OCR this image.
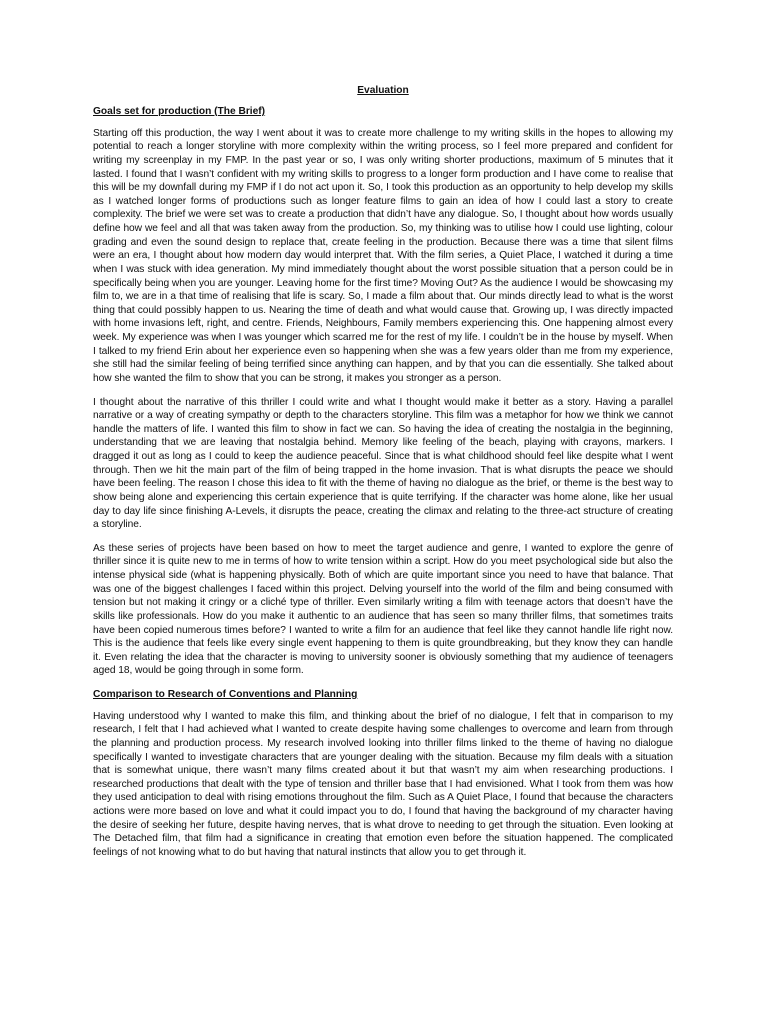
Evaluation
Goals set for production (The Brief)

Starting off this production, the way I went about it was to create more challenge to my writing skills in the hopes to allowing my potential to reach a longer storyline with more complexity within the writing process, so I feel more prepared and confident for writing my screenplay in my FMP. In the past year or so, I was only writing shorter productions, maximum of 5 minutes that it lasted. I found that I wasn’t confident with my writing skills to progress to a longer form production and I have come to realise that this will be my downfall during my FMP if I do not act upon it. So, I took this production as an opportunity to help develop my skills as I watched longer forms of productions such as longer feature films to gain an idea of how I could last a story to create complexity. The brief we were set was to create a production that didn’t have any dialogue. So, I thought about how words usually define how we feel and all that was taken away from the production. So, my thinking was to utilise how I could use lighting, colour grading and even the sound design to replace that, create feeling in the production. Because there was a time that silent films were an era, I thought about how modern day would interpret that. With the film series, a Quiet Place, I watched it during a time when I was stuck with idea generation. My mind immediately thought about the worst possible situation that a person could be in specifically being when you are younger. Leaving home for the first time? Moving Out? As the audience I would be showcasing my film to, we are in a that time of realising that life is scary. So, I made a film about that. Our minds directly lead to what is the worst thing that could possibly happen to us. Nearing the time of death and what would cause that. Growing up, I was directly impacted with home invasions left, right, and centre. Friends, Neighbours, Family members experiencing this. One happening almost every week. My experience was when I was younger which scarred me for the rest of my life. I couldn’t be in the house by myself. When I talked to my friend Erin about her experience even so happening when she was a few years older than me from my experience, she still had the similar feeling of being terrified since anything can happen, and by that you can die essentially. She talked about how she wanted the film to show that you can be strong, it makes you stronger as a person.

I thought about the narrative of this thriller I could write and what I thought would make it better as a story. Having a parallel narrative or a way of creating sympathy or depth to the characters storyline. This film was a metaphor for how we think we cannot handle the matters of life. I wanted this film to show in fact we can. So having the idea of creating the nostalgia in the beginning, understanding that we are leaving that nostalgia behind. Memory like feeling of the beach, playing with crayons, markers. I dragged it out as long as I could to keep the audience peaceful. Since that is what childhood should feel like despite what I went through. Then we hit the main part of the film of being trapped in the home invasion. That is what disrupts the peace we should have been feeling. The reason I chose this idea to fit with the theme of having no dialogue as the brief, or theme is the best way to show being alone and experiencing this certain experience that is quite terrifying. If the character was home alone, like her usual day to day life since finishing A-Levels, it disrupts the peace, creating the climax and relating to the three-act structure of creating a storyline.

As these series of projects have been based on how to meet the target audience and genre, I wanted to explore the genre of thriller since it is quite new to me in terms of how to write tension within a script. How do you meet psychological side but also the intense physical side (what is happening physically. Both of which are quite important since you need to have that balance. That was one of the biggest challenges I faced within this project. Delving yourself into the world of the film and being consumed with tension but not making it cringy or a cliché type of thriller. Even similarly writing a film with teenage actors that doesn’t have the skills like professionals. How do you make it authentic to an audience that has seen so many thriller films, that sometimes traits have been copied numerous times before? I wanted to write a film for an audience that feel like they cannot handle life right now. This is the audience that feels like every single event happening to them is quite groundbreaking, but they know they can handle it. Even relating the idea that the character is moving to university sooner is obviously something that my audience of teenagers aged 18, would be going through in some form.

Comparison to Research of Conventions and Planning

Having understood why I wanted to make this film, and thinking about the brief of no dialogue, I felt that in comparison to my research, I felt that I had achieved what I wanted to create despite having some challenges to overcome and learn from through the planning and production process. My research involved looking into thriller films linked to the theme of having no dialogue specifically I wanted to investigate characters that are younger dealing with the situation. Because my film deals with a situation that is somewhat unique, there wasn’t many films created about it but that wasn’t my aim when researching productions. I researched productions that dealt with the type of tension and thriller base that I had envisioned. What I took from them was how they used anticipation to deal with rising emotions throughout the film. Such as A Quiet Place, I found that because the characters actions were more based on love and what it could impact you to do, I found that having the background of my character having the desire of seeking her future, despite having nerves, that is what drove to needing to get through the situation. Even looking at The Detached film, that film had a significance in creating that emotion even before the situation happened. The complicated feelings of not knowing what to do but having that natural instincts that allow you to get through it.
